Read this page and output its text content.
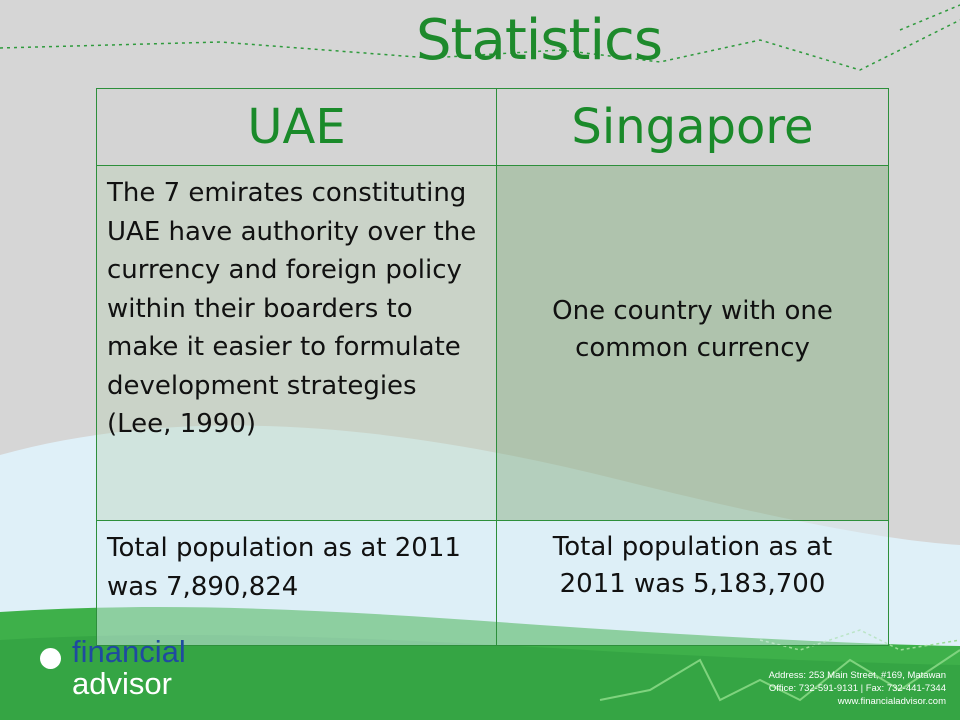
Statistics
UAE	Singapore

The 7 emirates constituting UAE have authority over the currency and foreign policy within their boarders to make it easier to formulate development strategies (Lee, 1990)	One country with one common currency

Total population as at 2011 was 7,890,824	Total population as at 2011 was 5,183,700
financial
advisor	Address: 253 Main Street, #169, Matawan
Office: 732-591-9131 | Fax: 732-441-7344
www.financialadvisor.com
